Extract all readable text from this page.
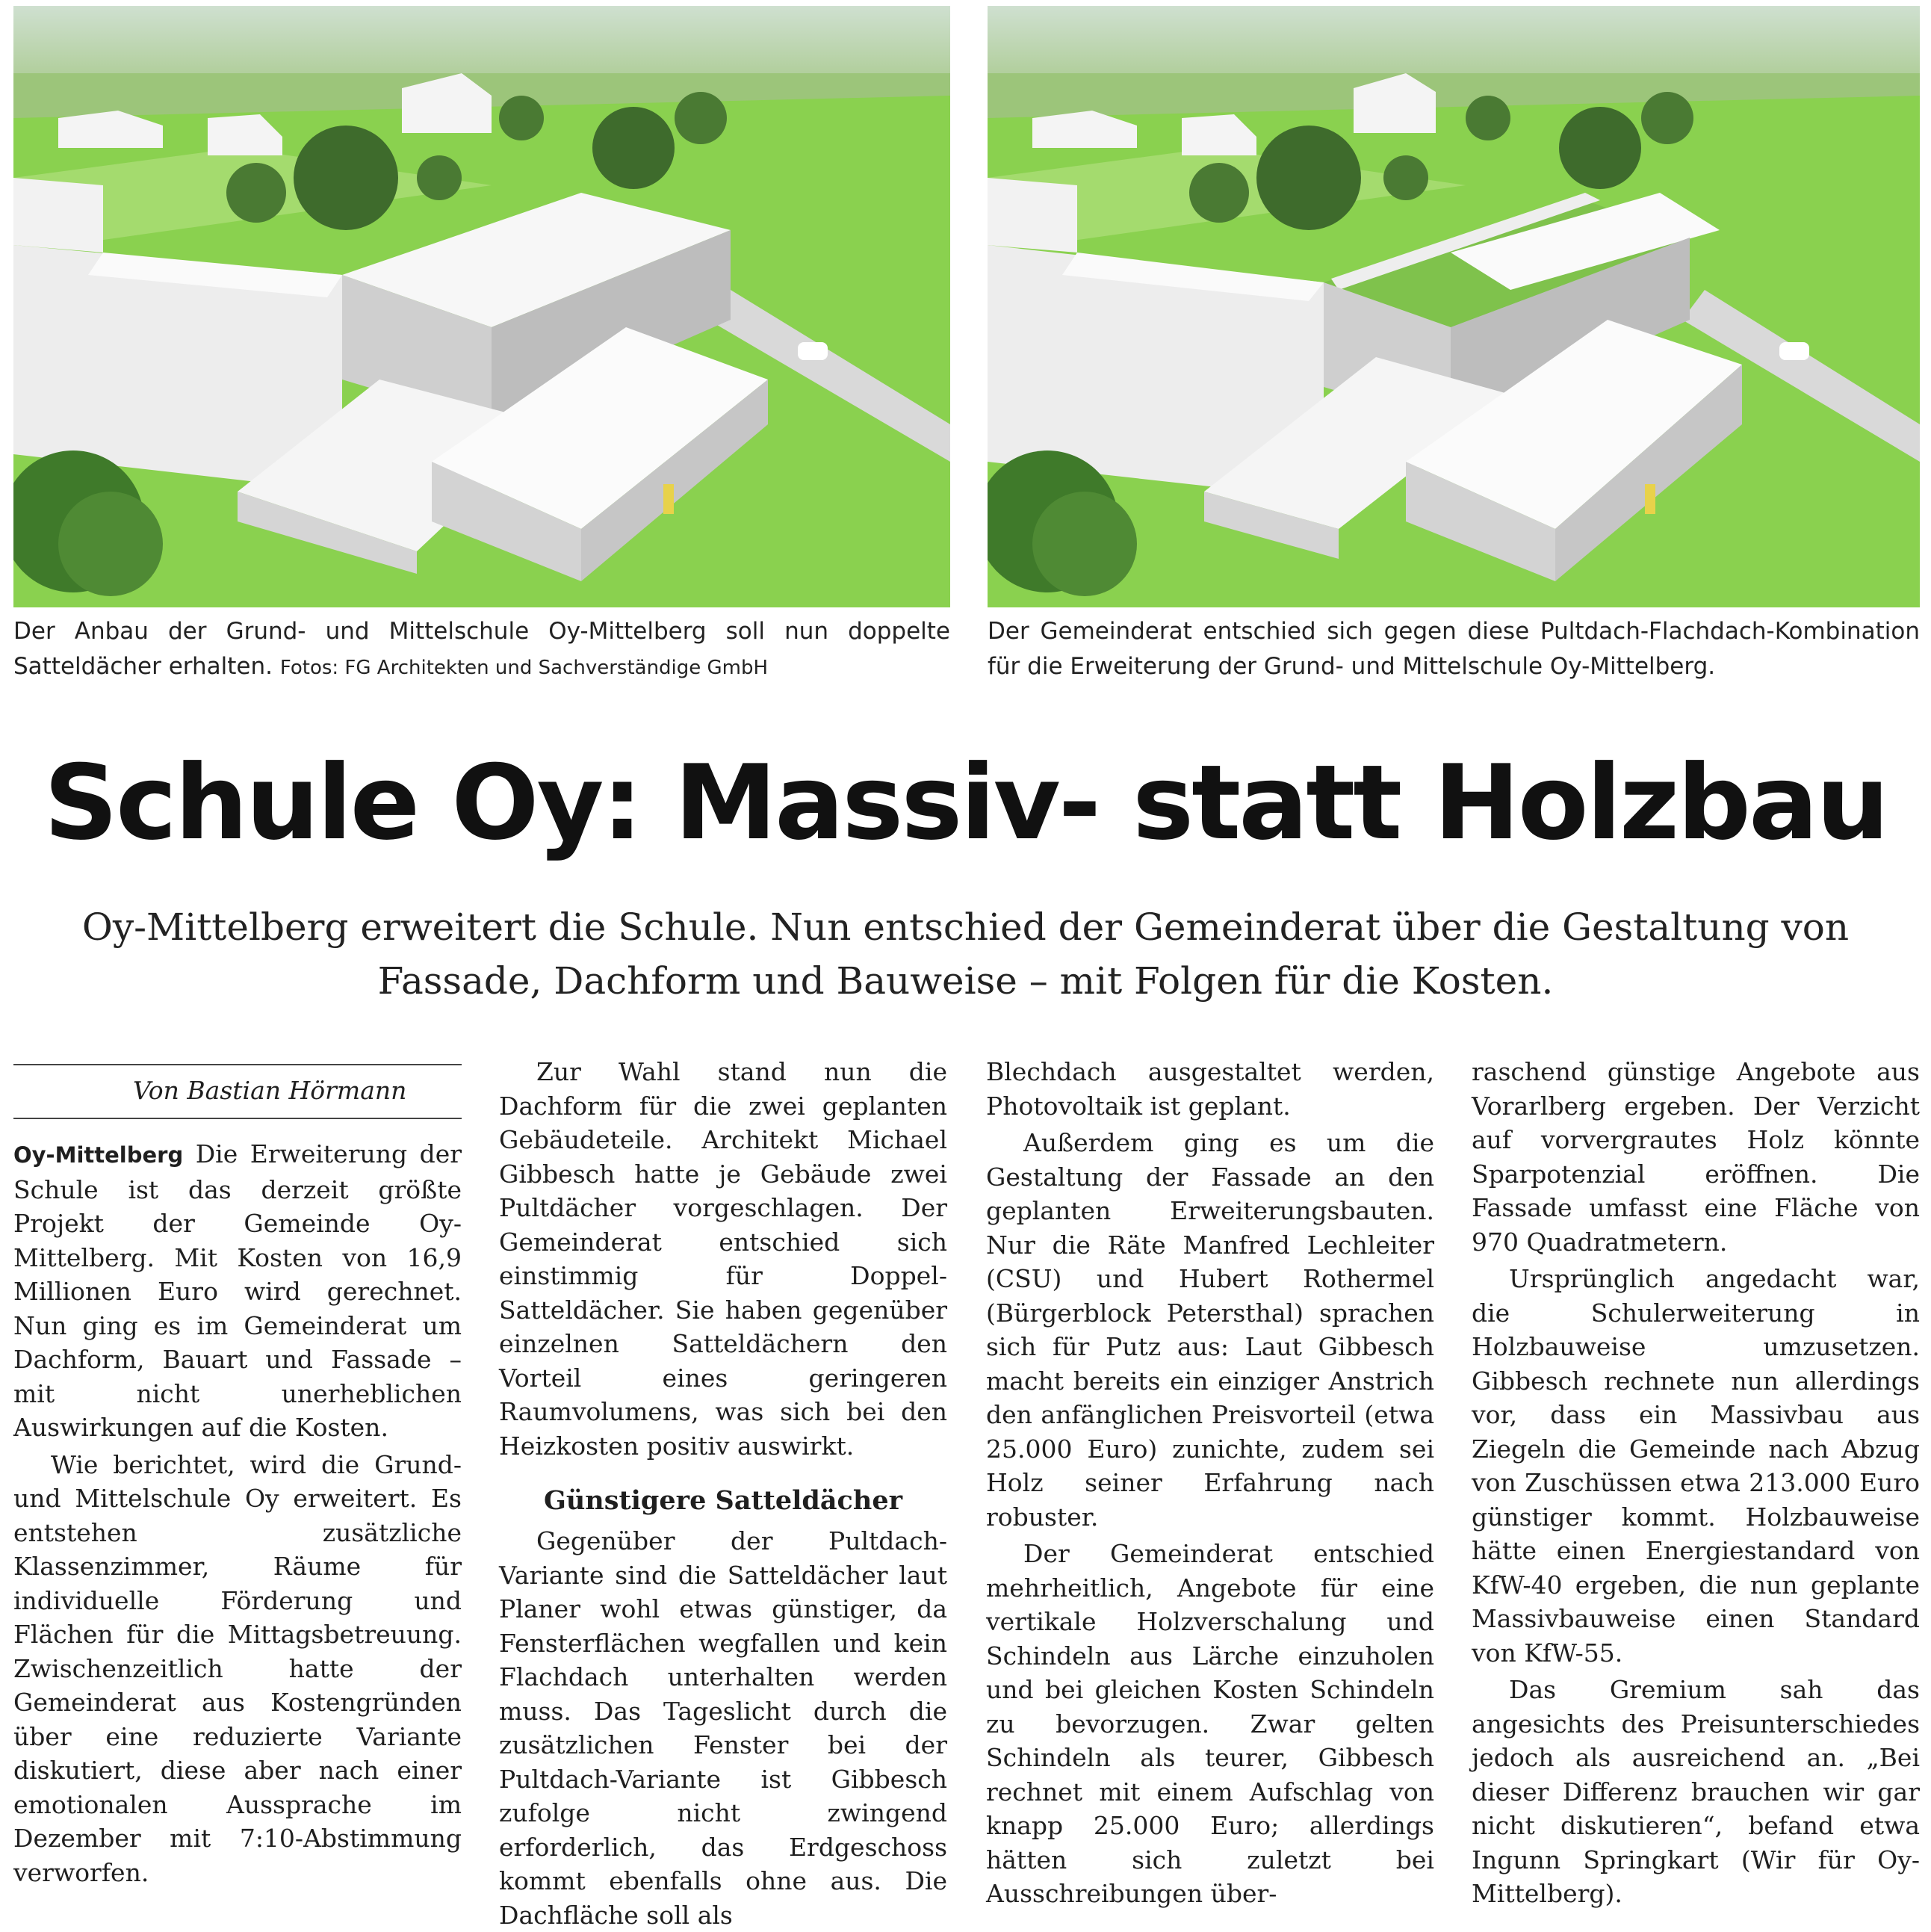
Der Anbau der Grund- und Mittelschule Oy-Mittelberg soll nun doppelte Satteldächer erhalten. Fotos: FG Architekten und Sachverständige GmbH
Der Gemeinderat entschied sich gegen diese Pultdach-Flachdach-Kombination für die Erweiterung der Grund- und Mittelschule Oy-Mittelberg.
Schule Oy: Massiv- statt Holzbau

Oy-Mittelberg erweitert die Schule. Nun entschied der Gemeinderat über die Gestaltung von Fassade, Dachform und Bauweise – mit Folgen für die Kosten.

Von Bastian Hörmann

Oy-Mittelberg Die Erweiterung der Schule ist das derzeit größte Projekt der Gemeinde Oy-Mittelberg. Mit Kosten von 16,9 Millionen Euro wird gerechnet. Nun ging es im Gemeinderat um Dachform, Bauart und Fassade – mit nicht unerheblichen Auswirkungen auf die Kosten.

Wie berichtet, wird die Grund- und Mittelschule Oy erweitert. Es entstehen zusätzliche Klassenzimmer, Räume für individuelle Förderung und Flächen für die Mittagsbetreuung. Zwischenzeitlich hatte der Gemeinderat aus Kostengründen über eine reduzierte Variante diskutiert, diese aber nach einer emotionalen Aussprache im Dezember mit 7:10-Abstimmung verworfen.

Zur Wahl stand nun die Dachform für die zwei geplanten Gebäudeteile. Architekt Michael Gibbesch hatte je Gebäude zwei Pultdächer vorgeschlagen. Der Gemeinderat entschied sich einstimmig für Doppel-Satteldächer. Sie haben gegenüber einzelnen Satteldächern den Vorteil eines geringeren Raumvolumens, was sich bei den Heizkosten positiv auswirkt.

Günstigere Satteldächer

Gegenüber der Pultdach-Variante sind die Satteldächer laut Planer wohl etwas günstiger, da Fensterflächen wegfallen und kein Flachdach unterhalten werden muss. Das Tageslicht durch die zusätzlichen Fenster bei der Pultdach-Variante ist Gibbesch zufolge nicht zwingend erforderlich, das Erdgeschoss kommt ebenfalls ohne aus. Die Dachfläche soll als

Blechdach ausgestaltet werden, Photovoltaik ist geplant.

Außerdem ging es um die Gestaltung der Fassade an den geplanten Erweiterungsbauten. Nur die Räte Manfred Lechleiter (CSU) und Hubert Rothermel (Bürgerblock Petersthal) sprachen sich für Putz aus: Laut Gibbesch macht bereits ein einziger Anstrich den anfänglichen Preisvorteil (etwa 25.000 Euro) zunichte, zudem sei Holz seiner Erfahrung nach robuster.

Der Gemeinderat entschied mehrheitlich, Angebote für eine vertikale Holzverschalung und Schindeln aus Lärche einzuholen und bei gleichen Kosten Schindeln zu bevorzugen. Zwar gelten Schindeln als teurer, Gibbesch rechnet mit einem Aufschlag von knapp 25.000 Euro; allerdings hätten sich zuletzt bei Ausschreibungen über-

raschend günstige Angebote aus Vorarlberg ergeben. Der Verzicht auf vorvergrautes Holz könnte Sparpotenzial eröffnen. Die Fassade umfasst eine Fläche von 970 Quadratmetern.

Ursprünglich angedacht war, die Schulerweiterung in Holzbauweise umzusetzen. Gibbesch rechnete nun allerdings vor, dass ein Massivbau aus Ziegeln die Gemeinde nach Abzug von Zuschüssen etwa 213.000 Euro günstiger kommt. Holzbauweise hätte einen Energiestandard von KfW-40 ergeben, die nun geplante Massivbauweise einen Standard von KfW-55.

Das Gremium sah das angesichts des Preisunterschiedes jedoch als ausreichend an. „Bei dieser Differenz brauchen wir gar nicht diskutieren“, befand etwa Ingunn Springkart (Wir für Oy-Mittelberg).
